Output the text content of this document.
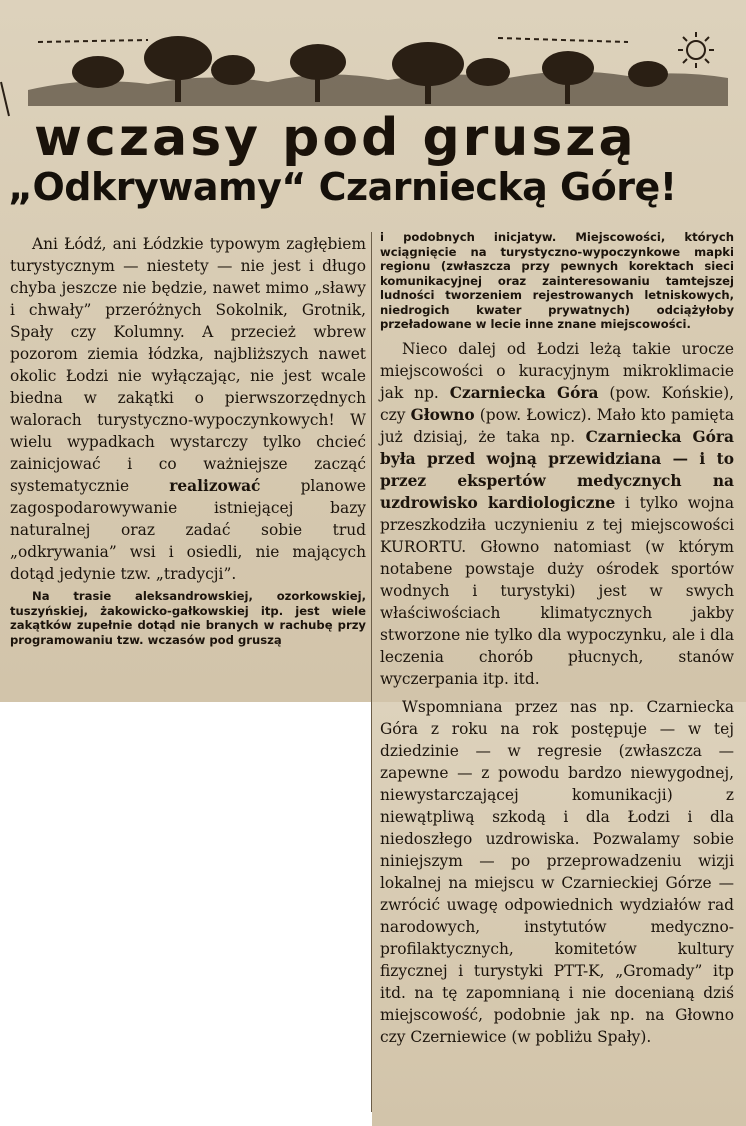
wczasy pod gruszą
„Odkrywamy“ Czarniecką Górę!

Ani Łódź, ani Łódzkie typowym zagłębiem turystycznym — niestety — nie jest i długo chyba jeszcze nie będzie, nawet mimo „sławy i chwały” przeróżnych Sokolnik, Grotnik, Spały czy Kolumny. A przecież wbrew pozorom ziemia łódzka, najbliższych nawet okolic Łodzi nie wyłączając, nie jest wcale biedna w zakątki o pierwszorzędnych walorach turystyczno-wypoczynkowych! W wielu wypadkach wystarczy tylko chcieć zainicjować i co ważniejsze zacząć systematycznie	realizować	planowe zagospodarowywanie istniejącej bazy naturalnej oraz zadać sobie trud „odkrywania” wsi i osiedli, nie mających dotąd jedynie tzw. „tradycji”.

Na trasie aleksandrowskiej, ozorkowskiej, tuszyńskiej, żakowicko-gałkowskiej itp. jest wiele zakątków zupełnie dotąd nie branych w rachubę przy programowaniu tzw. wczasów pod gruszą

i podobnych inicjatyw. Miejscowości, których wciągnięcie na turystyczno-wypoczynkowe mapki regionu (zwłaszcza przy pewnych korektach sieci komunikacyjnej oraz zainteresowaniu tamtejszej ludności tworzeniem rejestrowanych letniskowych, niedrogich kwater prywatnych) odciążyłoby przeładowane w lecie inne znane miejscowości.

Nieco dalej od Łodzi leżą takie urocze miejscowości o kuracyjnym mikroklimacie jak np. Czarniecka Góra (pow. Końskie), czy Głowno (pow. Łowicz). Mało kto pamięta już dzisiaj, że taka np. Czarniecka Góra była przed wojną przewidziana — i to przez ekspertów medycznych na uzdrowisko kardiologiczne i tylko wojna przeszkodziła uczynieniu z tej miejscowości KURORTU. Głowno natomiast (w którym notabene powstaje duży ośrodek sportów wodnych i turystyki) jest w swych właściwościach klimatycznych jakby stworzone nie tylko dla wypoczynku, ale i dla leczenia chorób płucnych, stanów wyczerpania itp. itd.

Wspomniana przez nas np. Czarniecka Góra z roku na rok postępuje — w tej dziedzinie — w regresie (zwłaszcza — zapewne — z powodu bardzo niewygodnej, niewystarczającej komunikacji) z niewątpliwą szkodą i dla Łodzi i dla niedoszłego uzdrowiska. Pozwalamy sobie niniejszym — po przeprowadzeniu wizji lokalnej na miejscu w Czarnieckiej Górze — zwrócić uwagę odpowiednich wydziałów rad narodowych, instytutów medyczno-profilaktycznych, komitetów kultury fizycznej i turystyki PTT-K, „Gromady” itp itd. na tę zapomnianą i nie docenianą dziś miejscowość, podobnie jak np. na Głowno czy Czerniewice (w pobliżu Spały).
